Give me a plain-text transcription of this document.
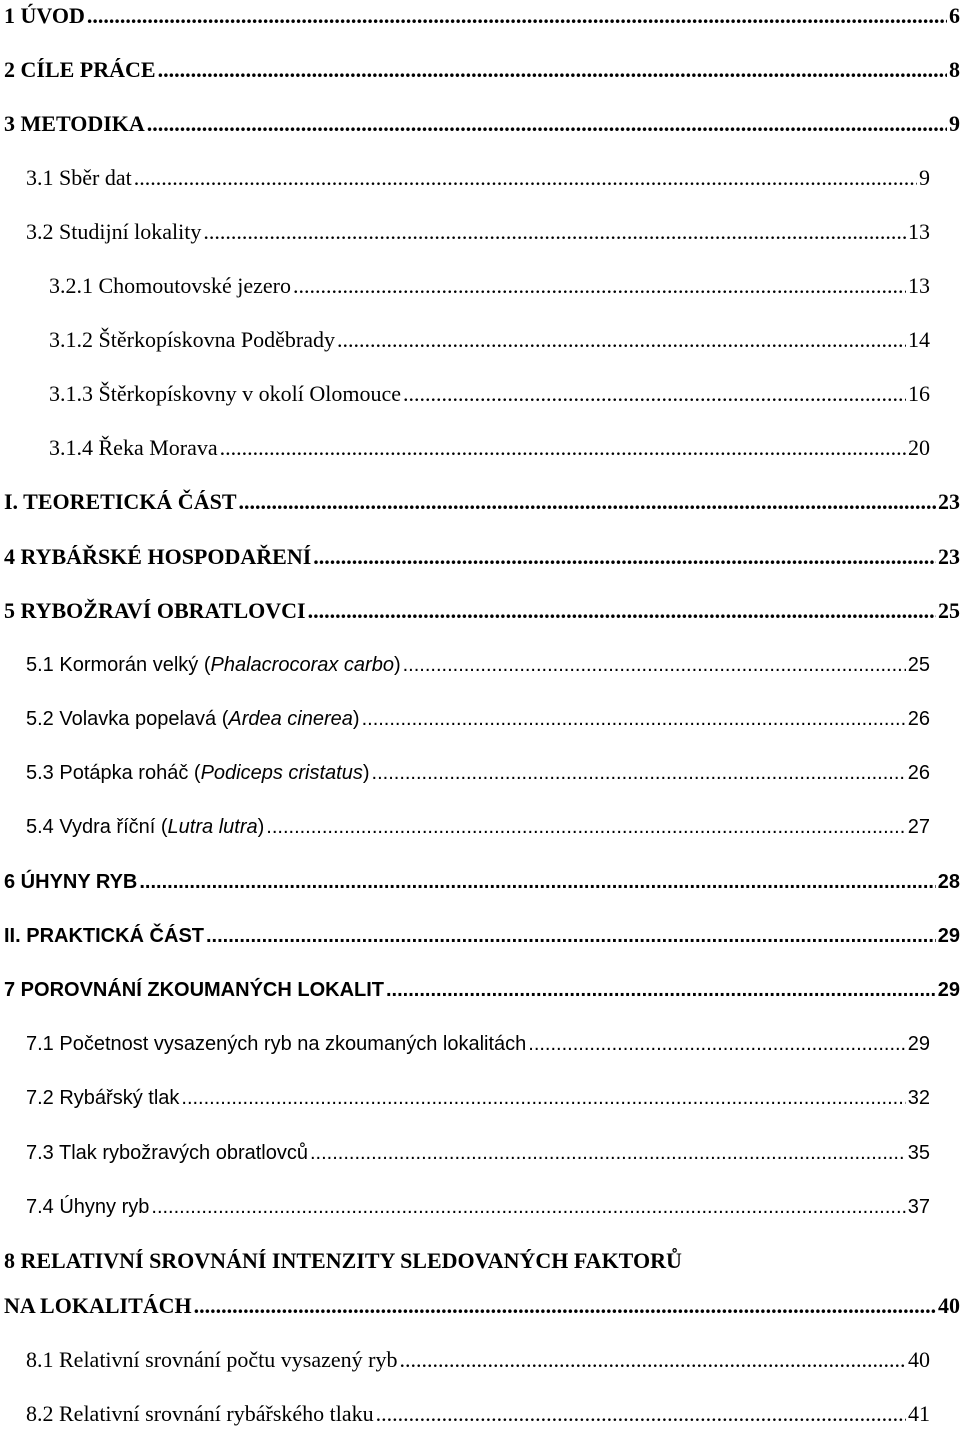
1 ÚVOD .....	6
2 CÍLE PRÁCE .....	8
3 METODIKA .....	9
3.1 Sběr dat .....	9
3.2 Studijní lokality .....	13
3.2.1 Chomoutovské jezero .....	13
3.1.2 Štěrkopískovna Poděbrady .....	14
3.1.3 Štěrkopískovny v okolí Olomouce .....	16
3.1.4 Řeka Morava .....	20
I. TEORETICKÁ ČÁST .....	23
4 RYBÁŘSKÉ HOSPODAŘENÍ .....	23
5 RYBOŽRAVÍ OBRATLOVCI .....	25
5.1 Kormorán velký (Phalacrocorax carbo) .....	25
5.2 Volavka popelavá (Ardea cinerea) .....	26
5.3 Potápka roháč (Podiceps cristatus) .....	26
5.4 Vydra říční (Lutra lutra) .....	27
6 ÚHYNY RYB .....	28
II. PRAKTICKÁ ČÁST .....	29
7 POROVNÁNÍ ZKOUMANÝCH LOKALIT .....	29
7.1 Početnost vysazených ryb na zkoumaných lokalitách .....	29
7.2 Rybářský tlak .....	32
7.3 Tlak rybožravých obratlovců .....	35
7.4 Úhyny ryb .....	37
8 RELATIVNÍ SROVNÁNÍ INTENZITY SLEDOVANÝCH FAKTORŮ
NA LOKALITÁCH .....	40
8.1 Relativní srovnání počtu vysazený ryb .....	40
8.2 Relativní srovnání rybářského tlaku .....	41
